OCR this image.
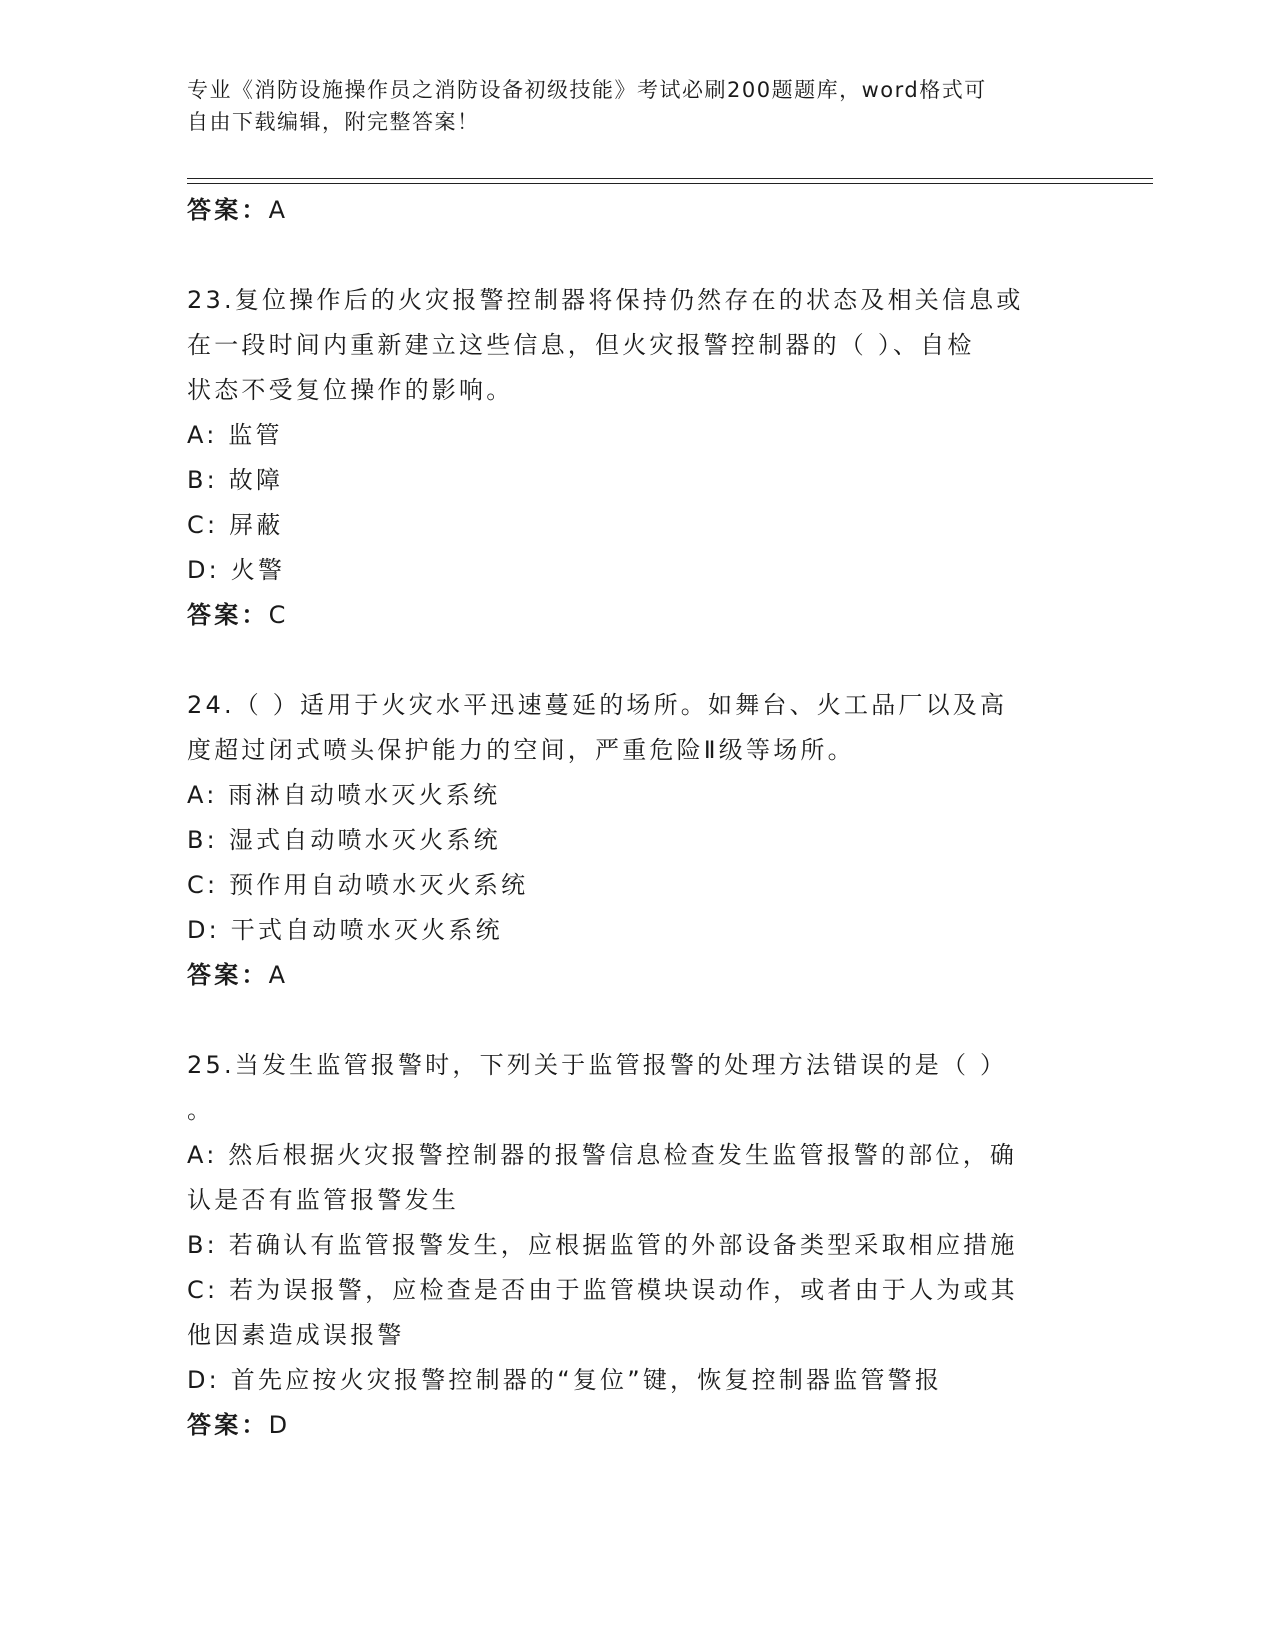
专业《消防设施操作员之消防设备初级技能》考试必刷200题题库，word格式可
自由下载编辑，附完整答案！
答案：A
23.复位操作后的火灾报警控制器将保持仍然存在的状态及相关信息或
在一段时间内重新建立这些信息，但火灾报警控制器的（ ）、自检
状态不受复位操作的影响。
A: 监管
B: 故障
C: 屏蔽
D: 火警
答案：C
24.（ ）适用于火灾水平迅速蔓延的场所。如舞台、火工品厂以及高
度超过闭式喷头保护能力的空间，严重危险Ⅱ级等场所。
A: 雨淋自动喷水灭火系统
B: 湿式自动喷水灭火系统
C: 预作用自动喷水灭火系统
D: 干式自动喷水灭火系统
答案：A
25.当发生监管报警时，下列关于监管报警的处理方法错误的是（ ）
。
A: 然后根据火灾报警控制器的报警信息检查发生监管报警的部位，确
认是否有监管报警发生
B: 若确认有监管报警发生，应根据监管的外部设备类型采取相应措施
C: 若为误报警，应检查是否由于监管模块误动作，或者由于人为或其
他因素造成误报警
D: 首先应按火灾报警控制器的“复位”键，恢复控制器监管警报
答案：D
